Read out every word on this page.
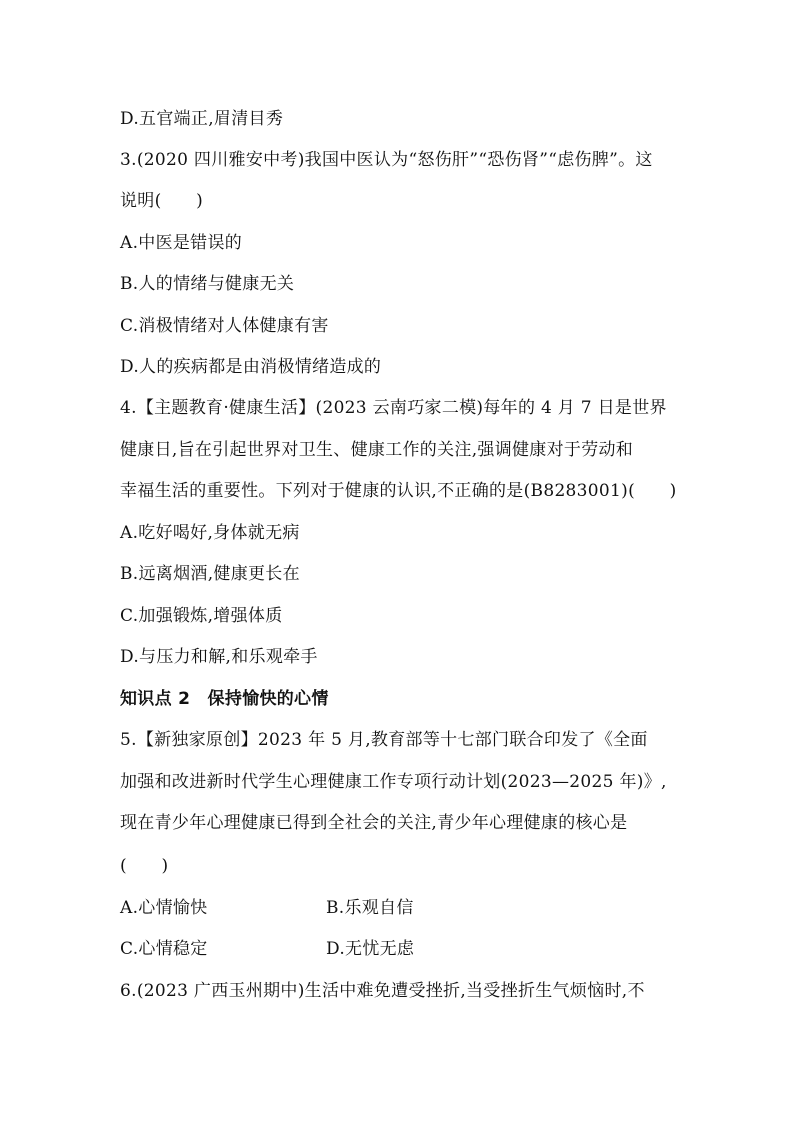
D.五官端正,眉清目秀
3.(2020 四川雅安中考)我国中医认为“怒伤肝”“恐伤肾”“虑伤脾”。这
说明(　　)
A.中医是错误的
B.人的情绪与健康无关
C.消极情绪对人体健康有害
D.人的疾病都是由消极情绪造成的
4.【主题教育·健康生活】(2023 云南巧家二模)每年的 4 月 7 日是世界
健康日,旨在引起世界对卫生、健康工作的关注,强调健康对于劳动和
幸福生活的重要性。下列对于健康的认识,不正确的是(B8283001)(　　)
A.吃好喝好,身体就无病
B.远离烟酒,健康更长在
C.加强锻炼,增强体质
D.与压力和解,和乐观牵手
知识点 2　保持愉快的心情
5.【新独家原创】2023 年 5 月,教育部等十七部门联合印发了《全面
加强和改进新时代学生心理健康工作专项行动计划(2023—2025 年)》,
现在青少年心理健康已得到全社会的关注,青少年心理健康的核心是
(　　)
A.心情愉快	B.乐观自信
C.心情稳定	D.无忧无虑
6.(2023 广西玉州期中)生活中难免遭受挫折,当受挫折生气烦恼时,不
